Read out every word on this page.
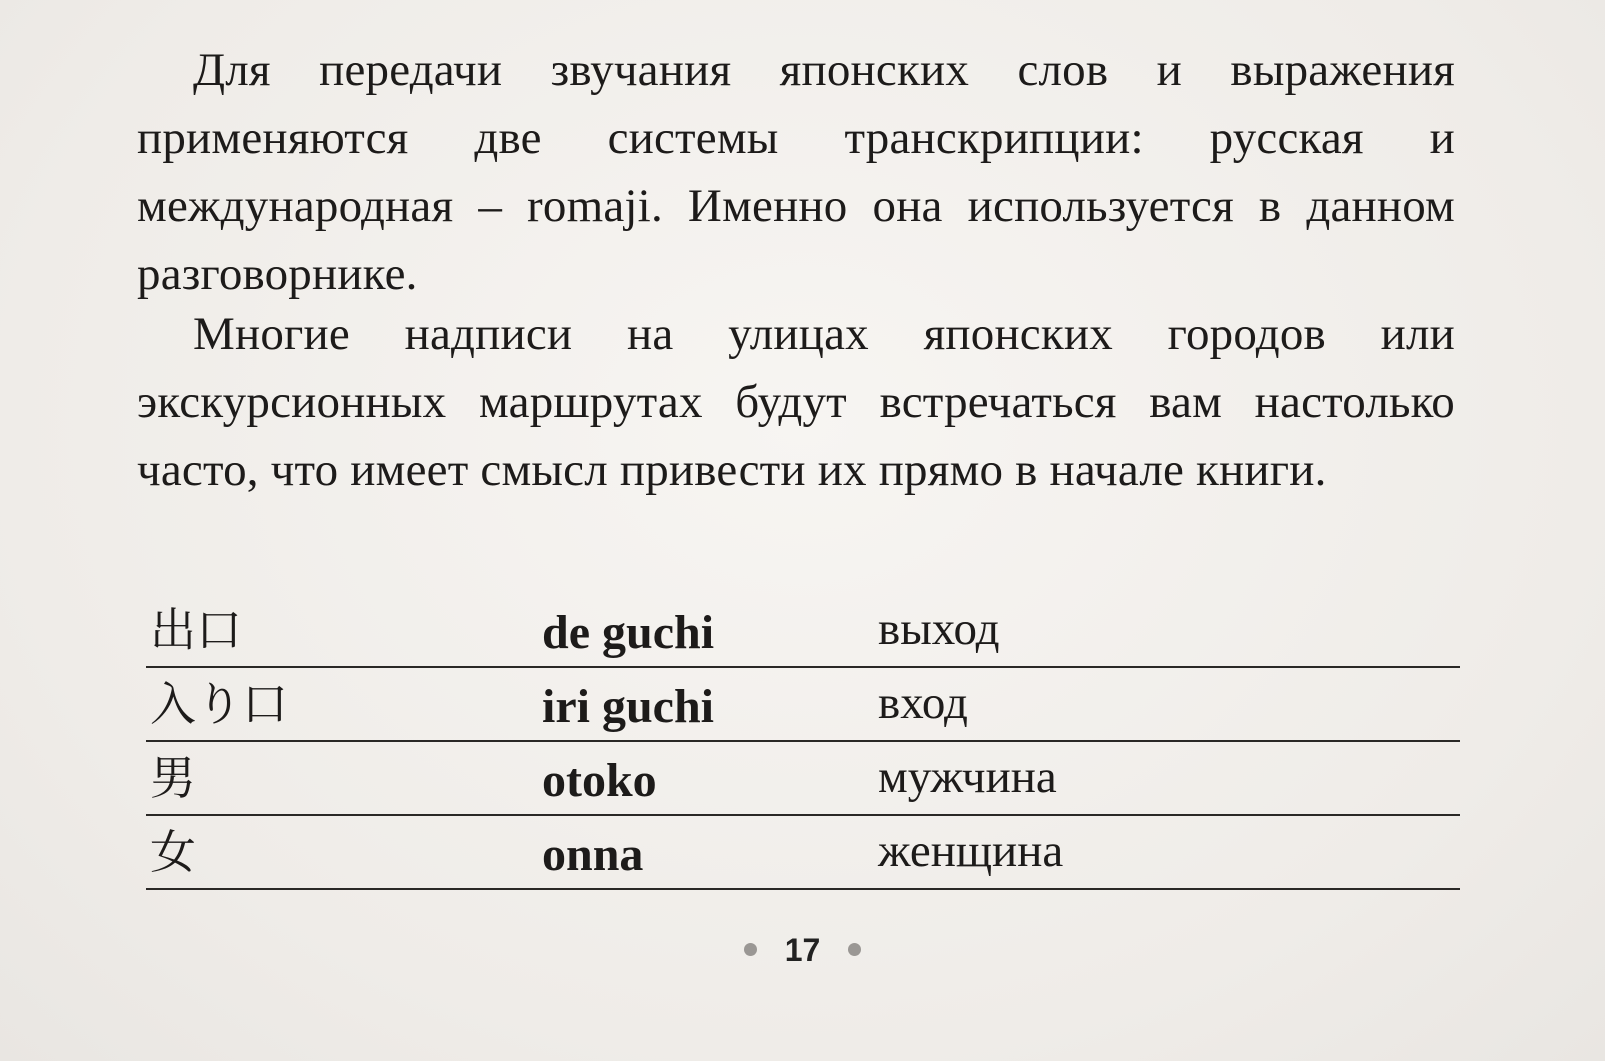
Для передачи звучания японских слов и выражения применяются две системы транскрипции: русская и международная – romaji. Именно она используется в данном разговорнике.

Многие надписи на улицах японских городов или экскурсионных маршрутах будут встречаться вам настолько часто, что имеет смысл привести их прямо в начале книги.

出口	de guchi	выход
入り口	iri guchi	вход
男	otoko	мужчина
女	onna	женщина
17
